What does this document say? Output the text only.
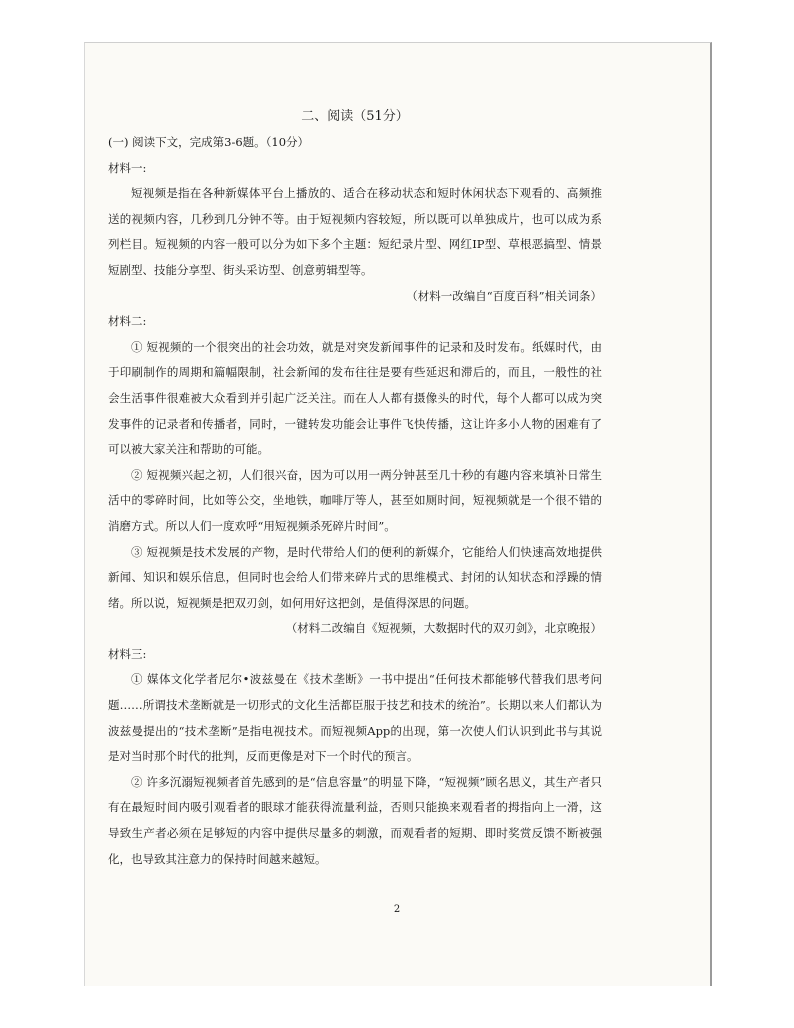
二、阅读（51分）
(一) 阅读下文，完成第3-6题。（10分）
材料一:

短视频是指在各种新媒体平台上播放的、适合在移动状态和短时休闲状态下观看的、高频推送的视频内容，几秒到几分钟不等。由于短视频内容较短，所以既可以单独成片，也可以成为系列栏目。短视频的内容一般可以分为如下多个主题：短纪录片型、网红IP型、草根恶搞型、情景短剧型、技能分享型、街头采访型、创意剪辑型等。

（材料一改编自“百度百科”相关词条）
材料二:

① 短视频的一个很突出的社会功效，就是对突发新闻事件的记录和及时发布。纸媒时代，由于印刷制作的周期和篇幅限制，社会新闻的发布往往是要有些延迟和滞后的，而且，一般性的社会生活事件很难被大众看到并引起广泛关注。而在人人都有摄像头的时代，每个人都可以成为突发事件的记录者和传播者，同时，一键转发功能会让事件飞快传播，这让许多小人物的困难有了可以被大家关注和帮助的可能。

② 短视频兴起之初，人们很兴奋，因为可以用一两分钟甚至几十秒的有趣内容来填补日常生活中的零碎时间，比如等公交，坐地铁，咖啡厅等人，甚至如厕时间，短视频就是一个很不错的消磨方式。所以人们一度欢呼“用短视频杀死碎片时间”。

③ 短视频是技术发展的产物，是时代带给人们的便利的新媒介，它能给人们快速高效地提供新闻、知识和娱乐信息，但同时也会给人们带来碎片式的思维模式、封闭的认知状态和浮躁的情绪。所以说，短视频是把双刃剑，如何用好这把剑，是值得深思的问题。

（材料二改编自《短视频，大数据时代的双刃剑》，北京晚报）
材料三:

① 媒体文化学者尼尔•波兹曼在《技术垄断》一书中提出“任何技术都能够代替我们思考问题……所谓技术垄断就是一切形式的文化生活都臣服于技艺和技术的统治”。长期以来人们都认为波兹曼提出的“技术垄断”是指电视技术。而短视频App的出现，第一次使人们认识到此书与其说是对当时那个时代的批判，反而更像是对下一个时代的预言。

② 许多沉溺短视频者首先感到的是“信息容量”的明显下降，“短视频”顾名思义，其生产者只有在最短时间内吸引观看者的眼球才能获得流量利益，否则只能换来观看者的拇指向上一滑，这导致生产者必须在足够短的内容中提供尽量多的刺激，而观看者的短期、即时奖赏反馈不断被强化，也导致其注意力的保持时间越来越短。

2
